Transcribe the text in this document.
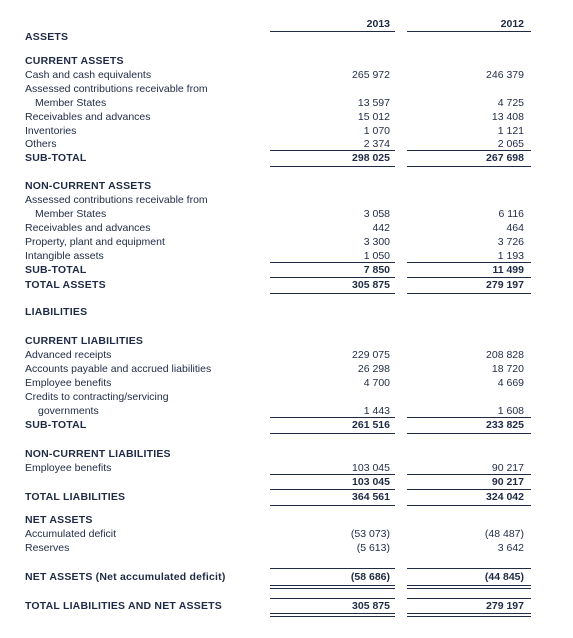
2013	2012
ASSETS
CURRENT ASSETS
Cash and cash equivalents	265 972	246 379
Assessed contributions receivable from
Member States	13 597	4 725
Receivables and advances	15 012	13 408
Inventories	1 070	1 121
Others	2 374	2 065
SUB-TOTAL	298 025	267 698
NON-CURRENT ASSETS
Assessed contributions receivable from
Member States	3 058	6 116
Receivables and advances	442	464
Property, plant and equipment	3 300	3 726
Intangible assets	1 050	1 193
SUB-TOTAL	7 850	11 499
TOTAL ASSETS	305 875	279 197
LIABILITIES
CURRENT LIABILITIES
Advanced receipts	229 075	208 828
Accounts payable and accrued liabilities	26 298	18 720
Employee benefits	4 700	4 669
Credits to contracting/servicing
governments	1 443	1 608
SUB-TOTAL	261 516	233 825
NON-CURRENT LIABILITIES
Employee benefits	103 045	90 217
103 045	90 217
TOTAL LIABILITIES	364 561	324 042
NET ASSETS
Accumulated deficit	(53 073)	(48 487)
Reserves	(5 613)	3 642
NET ASSETS (Net accumulated deficit)	(58 686)	(44 845)
TOTAL LIABILITIES AND NET ASSETS	305 875	279 197
